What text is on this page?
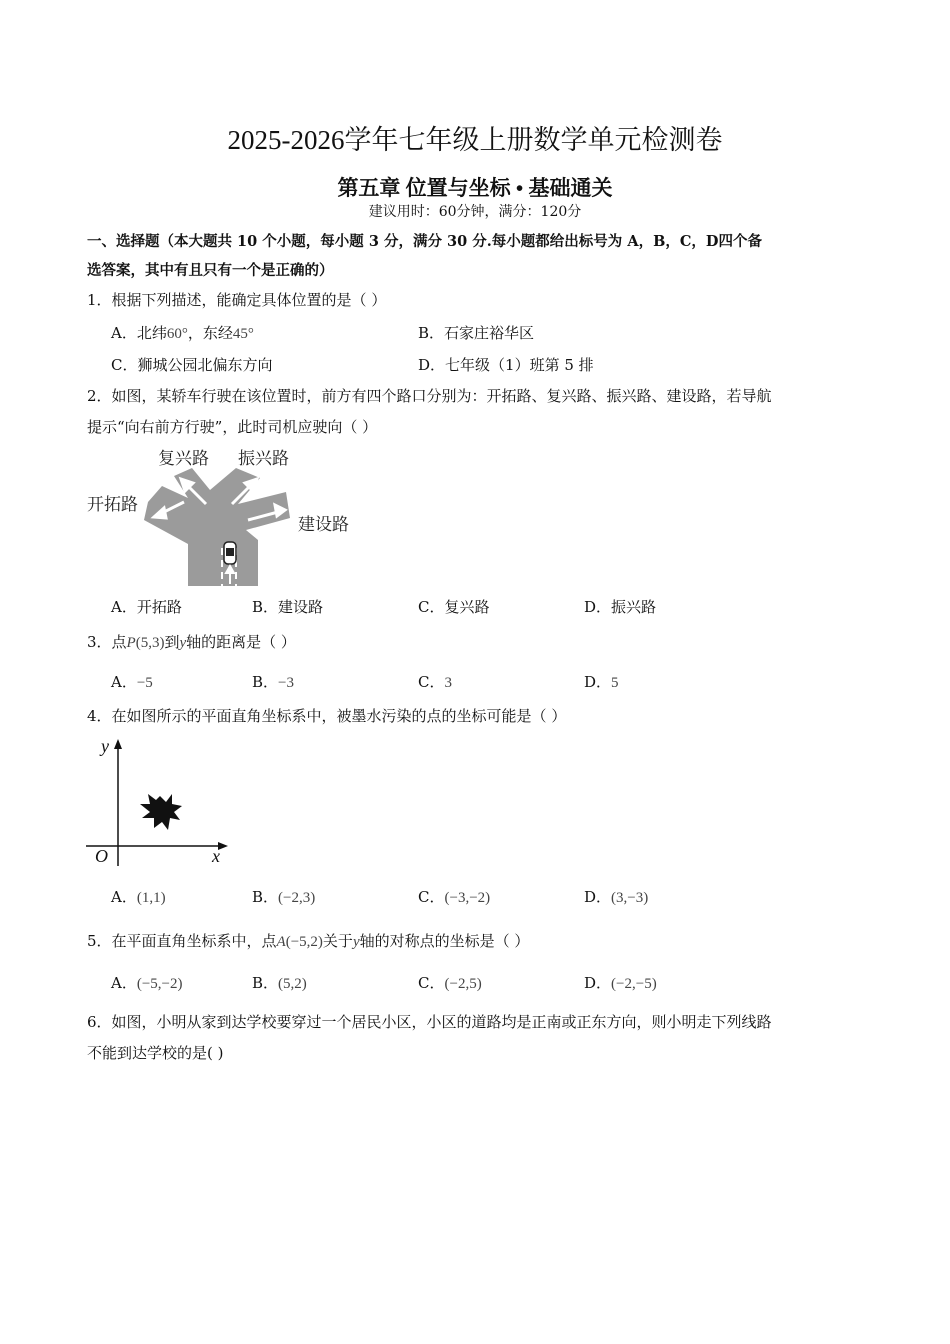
2025-2026学年七年级上册数学单元检测卷
第五章 位置与坐标 • 基础通关
建议用时：60分钟，满分：120分
一、选择题（本大题共 10 个小题，每小题 3 分，满分 30 分.每小题都给出标号为 A，B，C，D四个备
选答案，其中有且只有一个是正确的）
1．根据下列描述，能确定具体位置的是（ ）
A．北纬60°，东经45°	B．石家庄裕华区
C．狮城公园北偏东方向	D．七年级（1）班第 5 排
2．如图，某轿车行驶在该位置时，前方有四个路口分别为：开拓路、复兴路、振兴路、建设路，若导航
提示“向右前方行驶”，此时司机应驶向（ ）
复兴路 振兴路
开拓路
建设路
A．开拓路	B．建设路	C．复兴路	D．振兴路
3．点P(5,3)到y轴的距离是（ ）
A．−5	B．−3	C．3	D．5
4．在如图所示的平面直角坐标系中，被墨水污染的点的坐标可能是（ ）
y
x
O
A．(1,1)	B．(−2,3)	C．(−3,−2)	D．(3,−3)
5．在平面直角坐标系中，点A(−5,2)关于y轴的对称点的坐标是（ ）
A．(−5,−2)	B．(5,2)	C．(−2,5)	D．(−2,−5)
6．如图，小明从家到达学校要穿过一个居民小区，小区的道路均是正南或正东方向，则小明走下列线路
不能到达学校的是( )
